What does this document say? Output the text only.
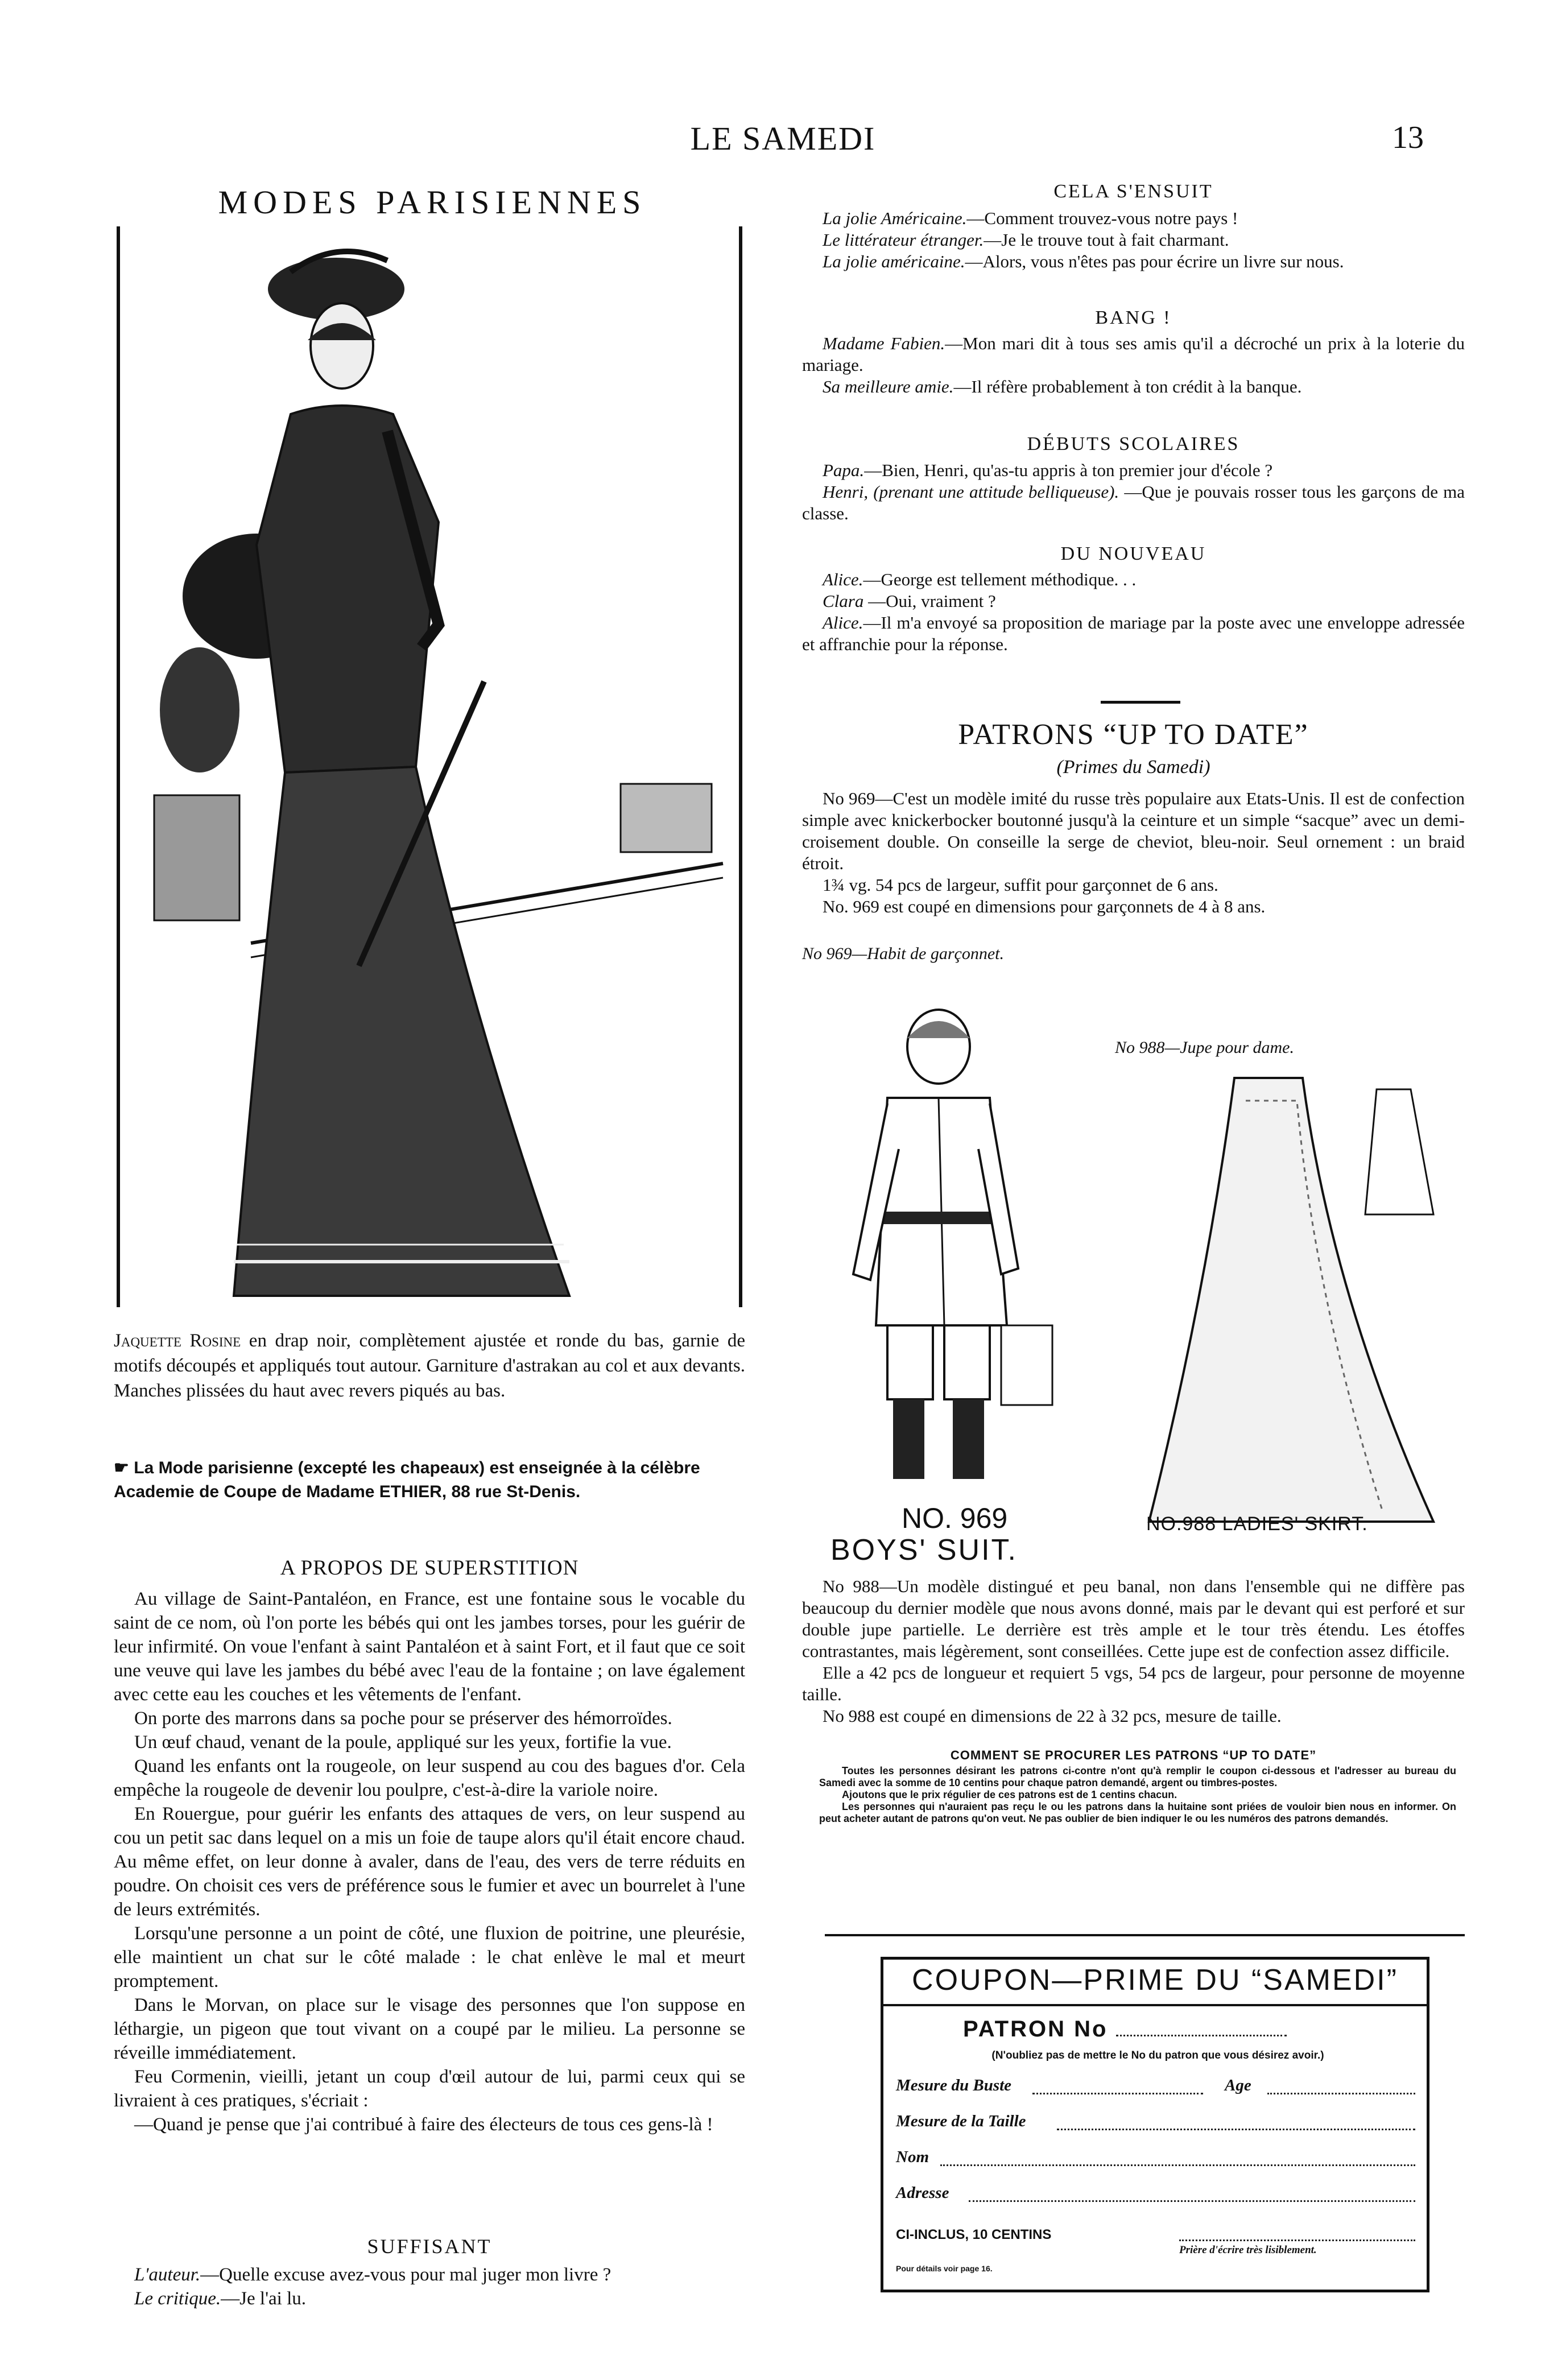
LE SAMEDI	13
MODES PARISIENNES
Jaquette Rosine en drap noir, complètement ajustée et ronde du bas, garnie de motifs découpés et appliqués tout autour. Garniture d'astrakan au col et aux devants. Manches plissées du haut avec revers piqués au bas.
☛ La Mode parisienne (excepté les chapeaux) est enseignée à la célèbre Academie de Coupe de Madame ETHIER, 88 rue St-Denis.
A PROPOS DE SUPERSTITION

Au village de Saint-Pantaléon, en France, est une fontaine sous le vocable du saint de ce nom, où l'on porte les bébés qui ont les jambes torses, pour les guérir de leur infirmité. On voue l'enfant à saint Pantaléon et à saint Fort, et il faut que ce soit une veuve qui lave les jambes du bébé avec l'eau de la fontaine ; on lave également avec cette eau les couches et les vêtements de l'enfant.

On porte des marrons dans sa poche pour se préserver des hémorroïdes.

Un œuf chaud, venant de la poule, appliqué sur les yeux, fortifie la vue.

Quand les enfants ont la rougeole, on leur suspend au cou des bagues d'or. Cela empêche la rougeole de devenir lou poulpre, c'est-à-dire la variole noire.

En Rouergue, pour guérir les enfants des attaques de vers, on leur suspend au cou un petit sac dans lequel on a mis un foie de taupe alors qu'il était encore chaud. Au même effet, on leur donne à avaler, dans de l'eau, des vers de terre réduits en poudre. On choisit ces vers de préférence sous le fumier et avec un bourrelet à l'une de leurs extrémités.

Lorsqu'une personne a un point de côté, une fluxion de poitrine, une pleurésie, elle maintient un chat sur le côté malade : le chat enlève le mal et meurt promptement.

Dans le Morvan, on place sur le visage des personnes que l'on suppose en léthargie, un pigeon que tout vivant on a coupé par le milieu. La personne se réveille immédiatement.

Feu Cormenin, vieilli, jetant un coup d'œil autour de lui, parmi ceux qui se livraient à ces pratiques, s'écriait :

—Quand je pense que j'ai contribué à faire des électeurs de tous ces gens-là !

SUFFISANT

L'auteur.—Quelle excuse avez-vous pour mal juger mon livre ?

Le critique.—Je l'ai lu.

CELA S'ENSUIT

La jolie Américaine.—Comment trouvez-vous notre pays !

Le littérateur étranger.—Je le trouve tout à fait charmant.

La jolie américaine.—Alors, vous n'êtes pas pour écrire un livre sur nous.

BANG !

Madame Fabien.—Mon mari dit à tous ses amis qu'il a décroché un prix à la loterie du mariage.

Sa meilleure amie.—Il réfère probablement à ton crédit à la banque.

DÉBUTS SCOLAIRES

Papa.—Bien, Henri, qu'as-tu appris à ton premier jour d'école ?

Henri, (prenant une attitude belliqueuse). —Que je pouvais rosser tous les garçons de ma classe.

DU NOUVEAU

Alice.—George est tellement méthodique. . .

Clara —Oui, vraiment ?

Alice.—Il m'a envoyé sa proposition de mariage par la poste avec une enveloppe adressée et affranchie pour la réponse.

PATRONS “UP TO DATE”
(Primes du Samedi)

No 969—C'est un modèle imité du russe très populaire aux Etats-Unis. Il est de confection simple avec knickerbocker boutonné jusqu'à la ceinture et un simple “sacque” avec un demi-croisement double. On conseille la serge de cheviot, bleu-noir. Seul ornement : un braid étroit.

1¾ vg. 54 pcs de largeur, suffit pour garçonnet de 6 ans.

No. 969 est coupé en dimensions pour garçonnets de 4 à 8 ans.

No 969—Habit de garçonnet.
No 988—Jupe pour dame.
NO. 969
BOYS' SUIT.
NO.988 LADIES' SKIRT.

No 988—Un modèle distingué et peu banal, non dans l'ensemble qui ne diffère pas beaucoup du dernier modèle que nous avons donné, mais par le devant qui est perforé et sur double jupe partielle. Le derrière est très ample et le tour très étendu. Les étoffes contrastantes, mais légèrement, sont conseillées. Cette jupe est de confection assez difficile.

Elle a 42 pcs de longueur et requiert 5 vgs, 54 pcs de largeur, pour personne de moyenne taille.

No 988 est coupé en dimensions de 22 à 32 pcs, mesure de taille.

COMMENT SE PROCURER LES PATRONS “UP TO DATE”

Toutes les personnes désirant les patrons ci-contre n'ont qu'à remplir le coupon ci-dessous et l'adresser au bureau du Samedi avec la somme de 10 centins pour chaque patron demandé, argent ou timbres-postes.

Ajoutons que le prix régulier de ces patrons est de 1 centins chacun.

Les personnes qui n'auraient pas reçu le ou les patrons dans la huitaine sont priées de vouloir bien nous en informer. On peut acheter autant de patrons qu'on veut. Ne pas oublier de bien indiquer le ou les numéros des patrons demandés.

COUPON—PRIME DU “SAMEDI”
PATRON No
(N'oubliez pas de mettre le No du patron que vous désirez avoir.)
Mesure du Buste	Age
Mesure de la Taille
Nom
Adresse
CI-INCLUS, 10 CENTINS
Prière d'écrire très lisiblement.
Pour détails voir page 16.
